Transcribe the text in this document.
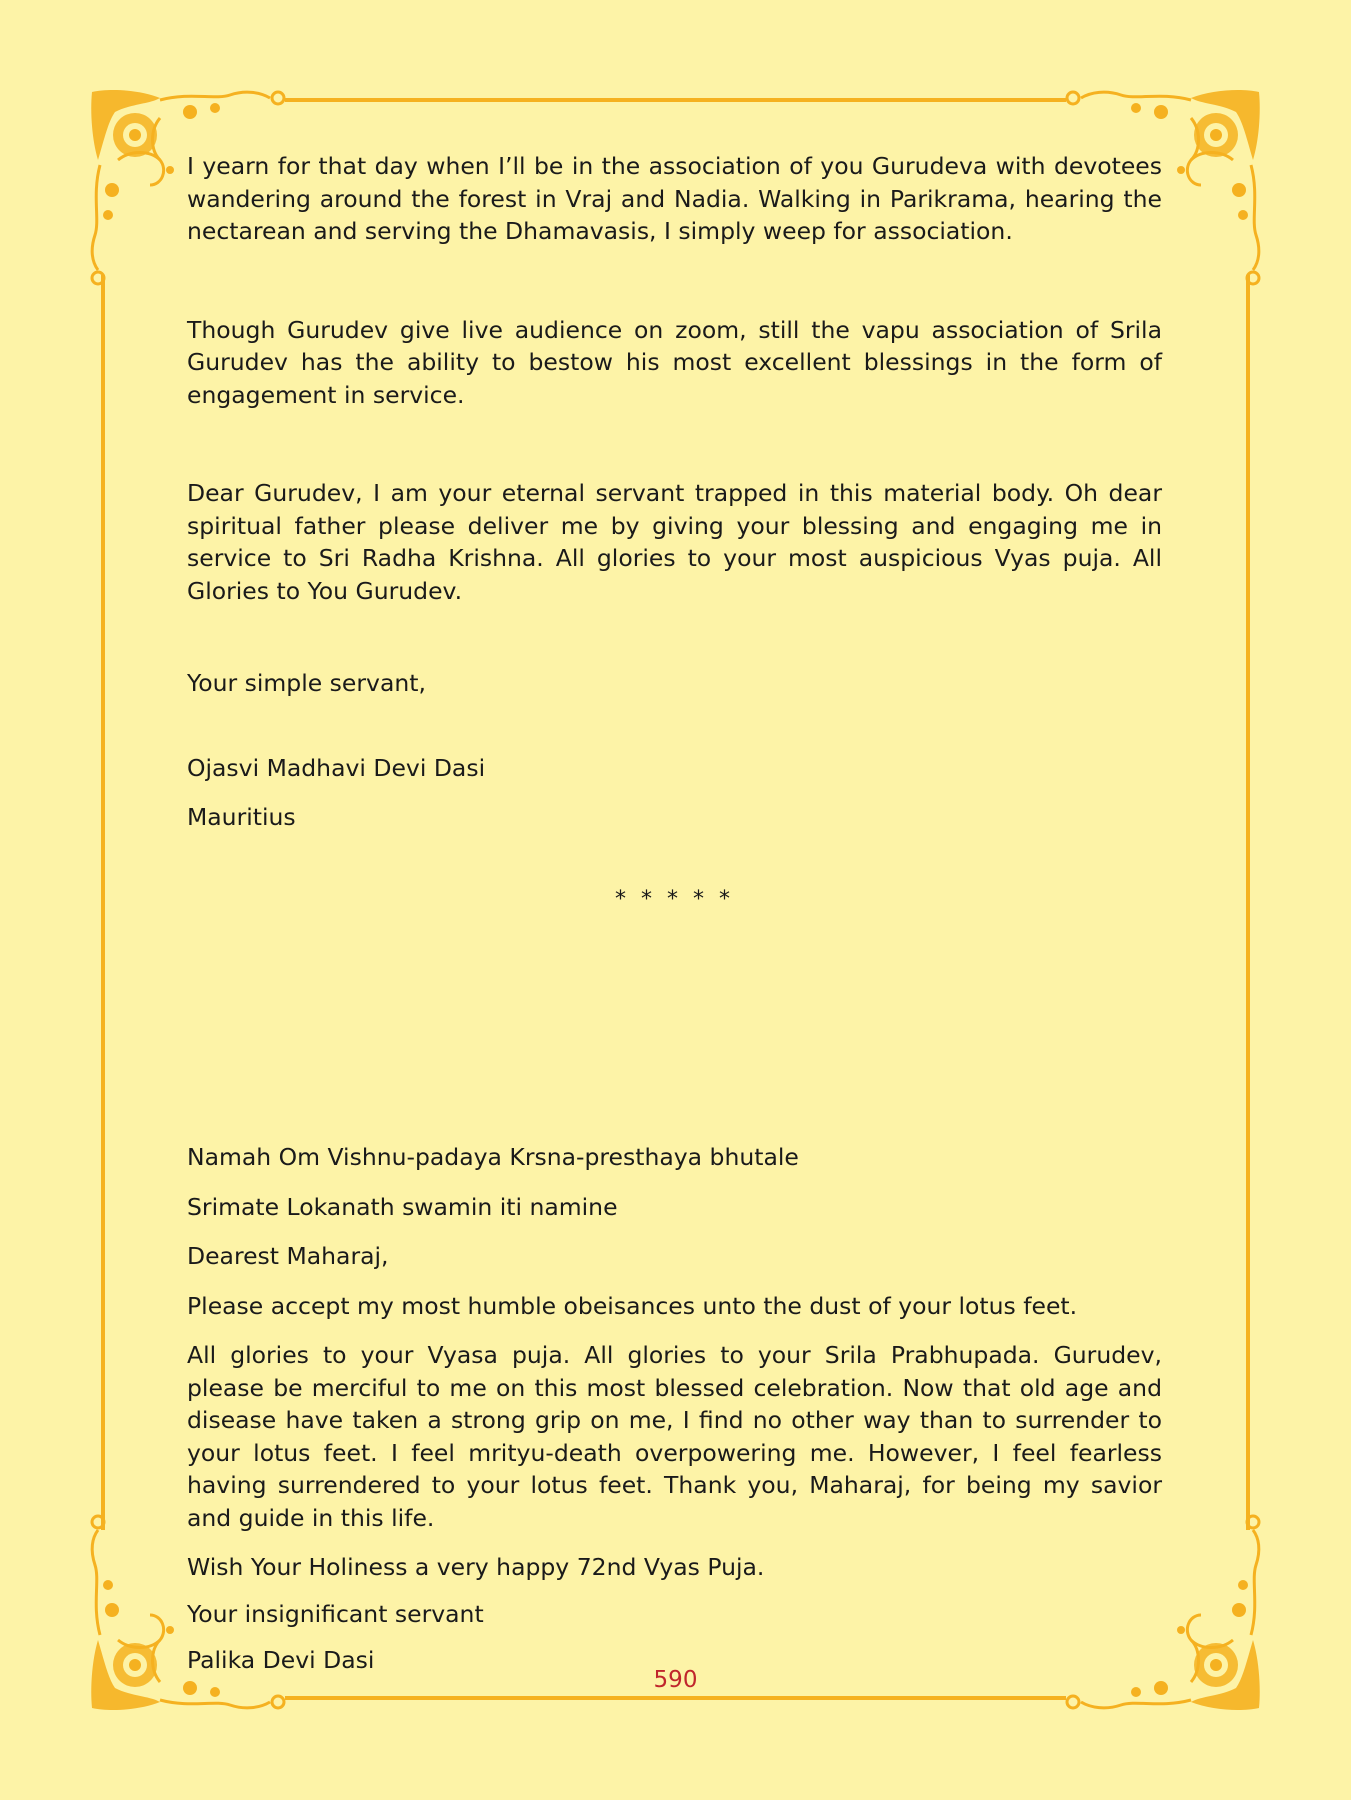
I yearn for that day when I’ll be in the association of you Gurudeva with devotees wandering around the forest in Vraj and Nadia. Walking in Parikrama, hearing the nectarean and serving the Dhamavasis, I simply weep for association.

Though Gurudev give live audience on zoom, still the vapu association of Srila Gurudev has the ability to bestow his most excellent blessings in the form of engagement in service.

Dear Gurudev, I am your eternal servant trapped in this material body. Oh dear spiritual father please deliver me by giving your blessing and engaging me in service to Sri Radha Krishna. All glories to your most auspicious Vyas puja. All Glories to You Gurudev.

Your simple servant,

Ojasvi Madhavi Devi Dasi

Mauritius

* * * * *

Namah Om Vishnu-padaya Krsna-presthaya bhutale

Srimate Lokanath swamin iti namine

Dearest Maharaj,

Please accept my most humble obeisances unto the dust of your lotus feet.

All glories to your Vyasa puja. All glories to your Srila Prabhupada. Gurudev, please be merciful to me on this most blessed celebration. Now that old age and disease have taken a strong grip on me, I find no other way than to surrender to your lotus feet. I feel mrityu-death overpowering me. However, I feel fearless having surrendered to your lotus feet. Thank you, Maharaj, for being my savior and guide in this life.

Wish Your Holiness a very happy 72nd Vyas Puja.

Your insignificant servant

Palika Devi Dasi

590
